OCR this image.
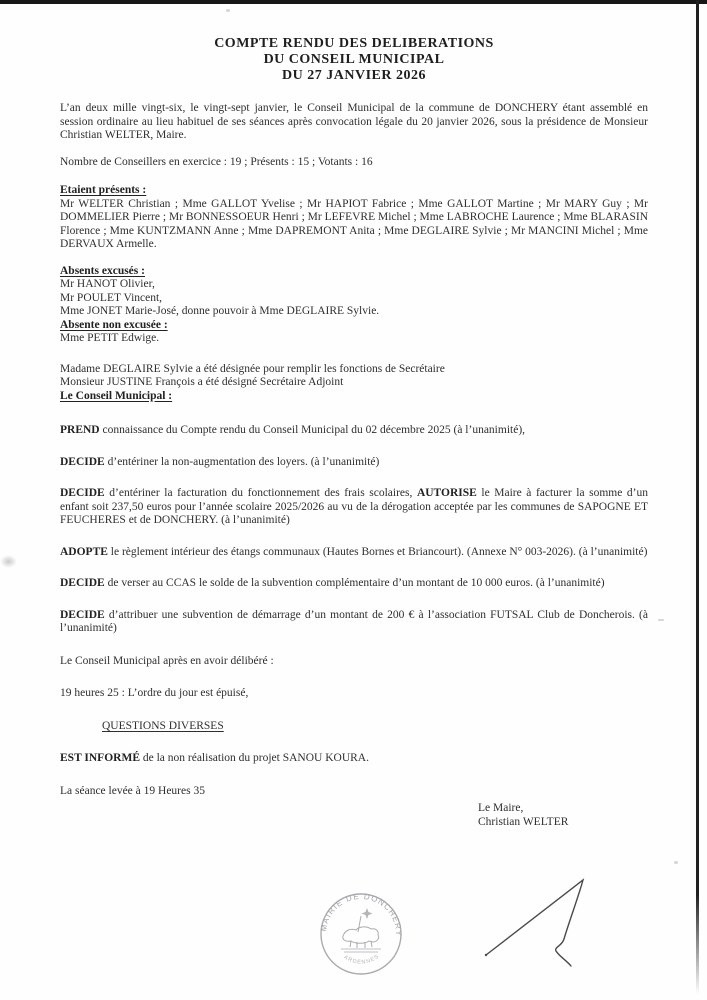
COMPTE RENDU DES DELIBERATIONS
DU CONSEIL MUNICIPAL
DU 27 JANVIER 2026

L’an deux mille vingt-six, le vingt-sept janvier, le Conseil Municipal de la commune de DONCHERY étant assemblé en session ordinaire au lieu habituel de ses séances après convocation légale du 20 janvier 2026, sous la présidence de Monsieur Christian WELTER, Maire.

Nombre de Conseillers en exercice : 19 ; Présents : 15 ; Votants : 16

Etaient présents :

Mr WELTER Christian ; Mme GALLOT Yvelise ; Mr HAPIOT Fabrice ; Mme GALLOT Martine ; Mr MARY Guy ; Mr DOMMELIER Pierre ; Mr BONNESSOEUR Henri ; Mr LEFEVRE Michel ; Mme LABROCHE Laurence ; Mme BLARASIN Florence ; Mme KUNTZMANN Anne ; Mme DAPREMONT Anita ; Mme DEGLAIRE Sylvie ; Mr MANCINI Michel ; Mme DERVAUX Armelle.

Absents excusés :

Mr HANOT Olivier,

Mr POULET Vincent,

Mme JONET Marie-José, donne pouvoir à Mme DEGLAIRE Sylvie.

Absente non excusée :

Mme PETIT Edwige.

Madame DEGLAIRE Sylvie a été désignée pour remplir les fonctions de Secrétaire

Monsieur JUSTINE François a été désigné Secrétaire Adjoint

Le Conseil Municipal :

PREND connaissance du Compte rendu du Conseil Municipal du 02 décembre 2025 (à l’unanimité),

DECIDE d’entériner la non-augmentation des loyers. (à l’unanimité)

DECIDE d’entériner la facturation du fonctionnement des frais scolaires, AUTORISE le Maire à facturer la somme d’un enfant soit 237,50 euros pour l’année scolaire 2025/2026 au vu de la dérogation acceptée par les communes de SAPOGNE ET FEUCHERES et de DONCHERY. (à l’unanimité)

ADOPTE le règlement intérieur des étangs communaux (Hautes Bornes et Briancourt). (Annexe N° 003-2026). (à l’unanimité)

DECIDE de verser au CCAS le solde de la subvention complémentaire d’un montant de 10 000 euros. (à l’unanimité)

DECIDE d’attribuer une subvention de démarrage d’un montant de 200 € à l’association FUTSAL Club de Doncherois. (à l’unanimité)

Le Conseil Municipal après en avoir délibéré :

19 heures 25 : L’ordre du jour est épuisé,

QUESTIONS DIVERSES

EST INFORMÉ de la non réalisation du projet SANOU KOURA.

La séance levée à 19 Heures 35

Le Maire,
Christian WELTER
MAIRIE DE DONCHERY
ARDENNES
